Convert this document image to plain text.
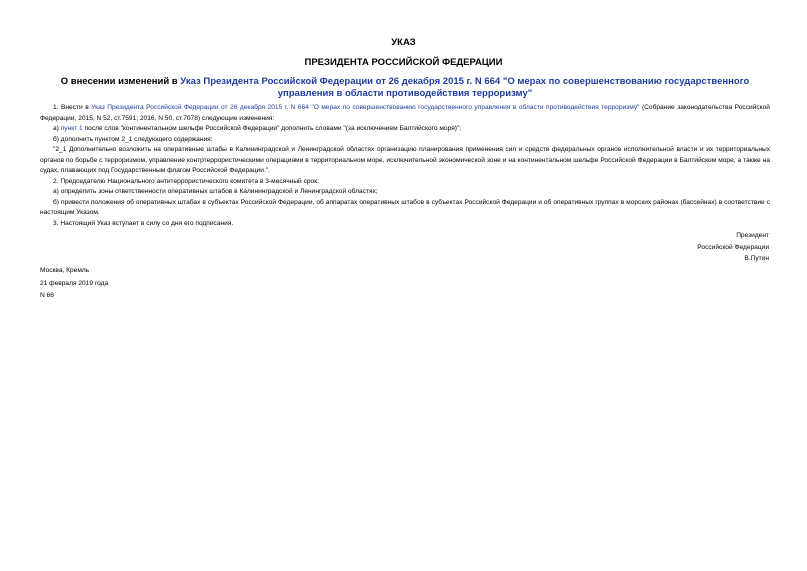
УКАЗ
ПРЕЗИДЕНТА РОССИЙСКОЙ ФЕДЕРАЦИИ
О внесении изменений в Указ Президента Российской Федерации от 26 декабря 2015 г. N 664 "О мерах по совершенствованию государственного управления в области противодействия терроризму"

1. Внести в Указ Президента Российской Федерации от 26 декабря 2015 г. N 664 "О мерах по совершенствованию государственного управления в области противодействия терроризму" (Собрание законодательства Российской Федерации, 2015, N 52, ст.7591; 2016, N 50, ст.7078) следующие изменения:

а) пункт 1 после слов "континентальном шельфе Российской Федерации" дополнить словами "(за исключением Балтийского моря)";

б) дополнить пунктом 2_1 следующего содержания:

"2_1 Дополнительно возложить на оперативные штабы в Калининградской и Ленинградской областях организацию планирования применения сил и средств федеральных органов исполнительной власти и их территориальных органов по борьбе с терроризмом, управление контртеррористическими операциями в территориальном море, исключительной экономической зоне и на континентальном шельфе Российской Федерации в Балтийском море, а также на судах, плавающих под Государственным флагом Российской Федерации.".

2. Председателю Национального антитеррористического комитета в 3-месячный срок:

а) определить зоны ответственности оперативных штабов в Калининградской и Ленинградской областях;

б) привести положения об оперативных штабах в субъектах Российской Федерации, об аппаратах оперативных штабов в субъектах Российской Федерации и об оперативных группах в морских районах (бассейнах) в соответствие с настоящим Указом.

3. Настоящий Указ вступает в силу со дня его подписания.

Президент
Российской Федерации
В.Путин
Москва, Кремль
21 февраля 2019 года
N 66
